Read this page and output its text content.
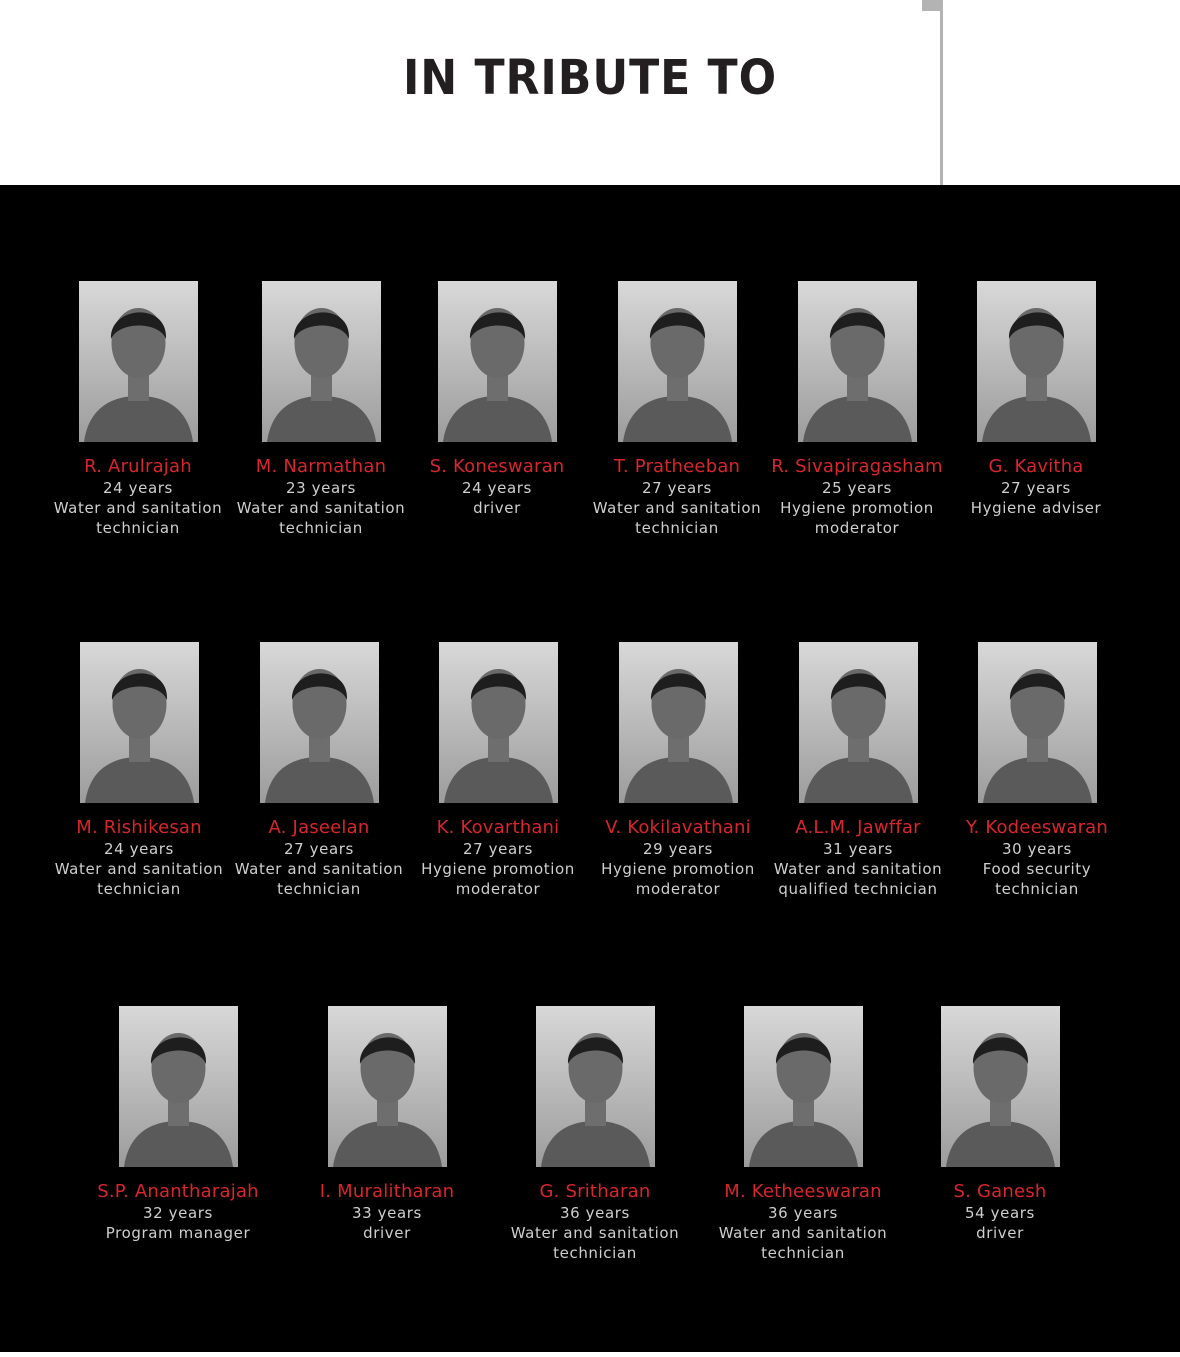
IN TRIBUTE TO
R. Arulrajah
24 years
Water and sanitation
technician
M. Narmathan
23 years
Water and sanitation
technician
S. Koneswaran
24 years
driver
T. Pratheeban
27 years
Water and sanitation
technician
R. Sivapiragasham
25 years
Hygiene promotion
moderator
G. Kavitha
27 years
Hygiene adviser
M. Rishikesan
24 years
Water and sanitation
technician
A. Jaseelan
27 years
Water and sanitation
technician
K. Kovarthani
27 years
Hygiene promotion
moderator
V. Kokilavathani
29 years
Hygiene promotion
moderator
A.L.M. Jawffar
31 years
Water and sanitation
qualified technician
Y. Kodeeswaran
30 years
Food security
technician
S.P. Anantharajah
32 years
Program manager
I. Muralitharan
33 years
driver
G. Sritharan
36 years
Water and sanitation
technician
M. Ketheeswaran
36 years
Water and sanitation
technician
S. Ganesh
54 years
driver
